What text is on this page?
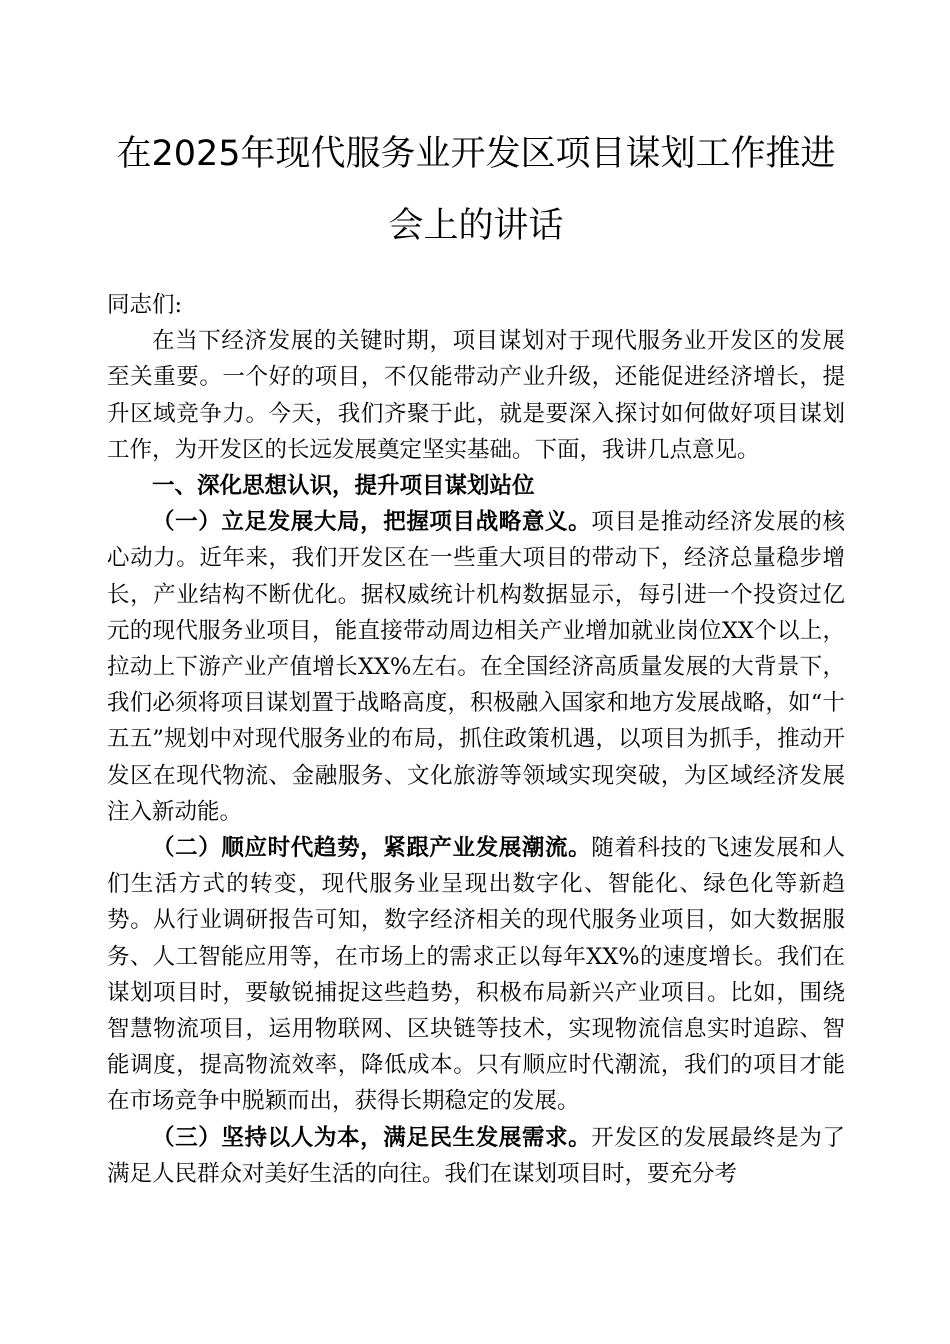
在2025年现代服务业开发区项目谋划工作推进
会上的讲话

同志们:

在当下经济发展的关键时期，项目谋划对于现代服务业开发区的发展至关重要。一个好的项目，不仅能带动产业升级，还能促进经济增长，提升区域竞争力。今天，我们齐聚于此，就是要深入探讨如何做好项目谋划工作，为开发区的长远发展奠定坚实基础。下面，我讲几点意见。

一、深化思想认识，提升项目谋划站位

（一）立足发展大局，把握项目战略意义。项目是推动经济发展的核心动力。近年来，我们开发区在一些重大项目的带动下，经济总量稳步增长，产业结构不断优化。据权威统计机构数据显示，每引进一个投资过亿元的现代服务业项目，能直接带动周边相关产业增加就业岗位XX个以上，拉动上下游产业产值增长XX%左右。在全国经济高质量发展的大背景下，我们必须将项目谋划置于战略高度，积极融入国家和地方发展战略，如“十五五”规划中对现代服务业的布局，抓住政策机遇，以项目为抓手，推动开发区在现代物流、金融服务、文化旅游等领域实现突破，为区域经济发展注入新动能。

（二）顺应时代趋势，紧跟产业发展潮流。随着科技的飞速发展和人们生活方式的转变，现代服务业呈现出数字化、智能化、绿色化等新趋势。从行业调研报告可知，数字经济相关的现代服务业项目，如大数据服务、人工智能应用等，在市场上的需求正以每年XX%的速度增长。我们在谋划项目时，要敏锐捕捉这些趋势，积极布局新兴产业项目。比如，围绕智慧物流项目，运用物联网、区块链等技术，实现物流信息实时追踪、智能调度，提高物流效率，降低成本。只有顺应时代潮流，我们的项目才能在市场竞争中脱颖而出，获得长期稳定的发展。

（三）坚持以人为本，满足民生发展需求。开发区的发展最终是为了满足人民群众对美好生活的向往。我们在谋划项目时，要充分考
